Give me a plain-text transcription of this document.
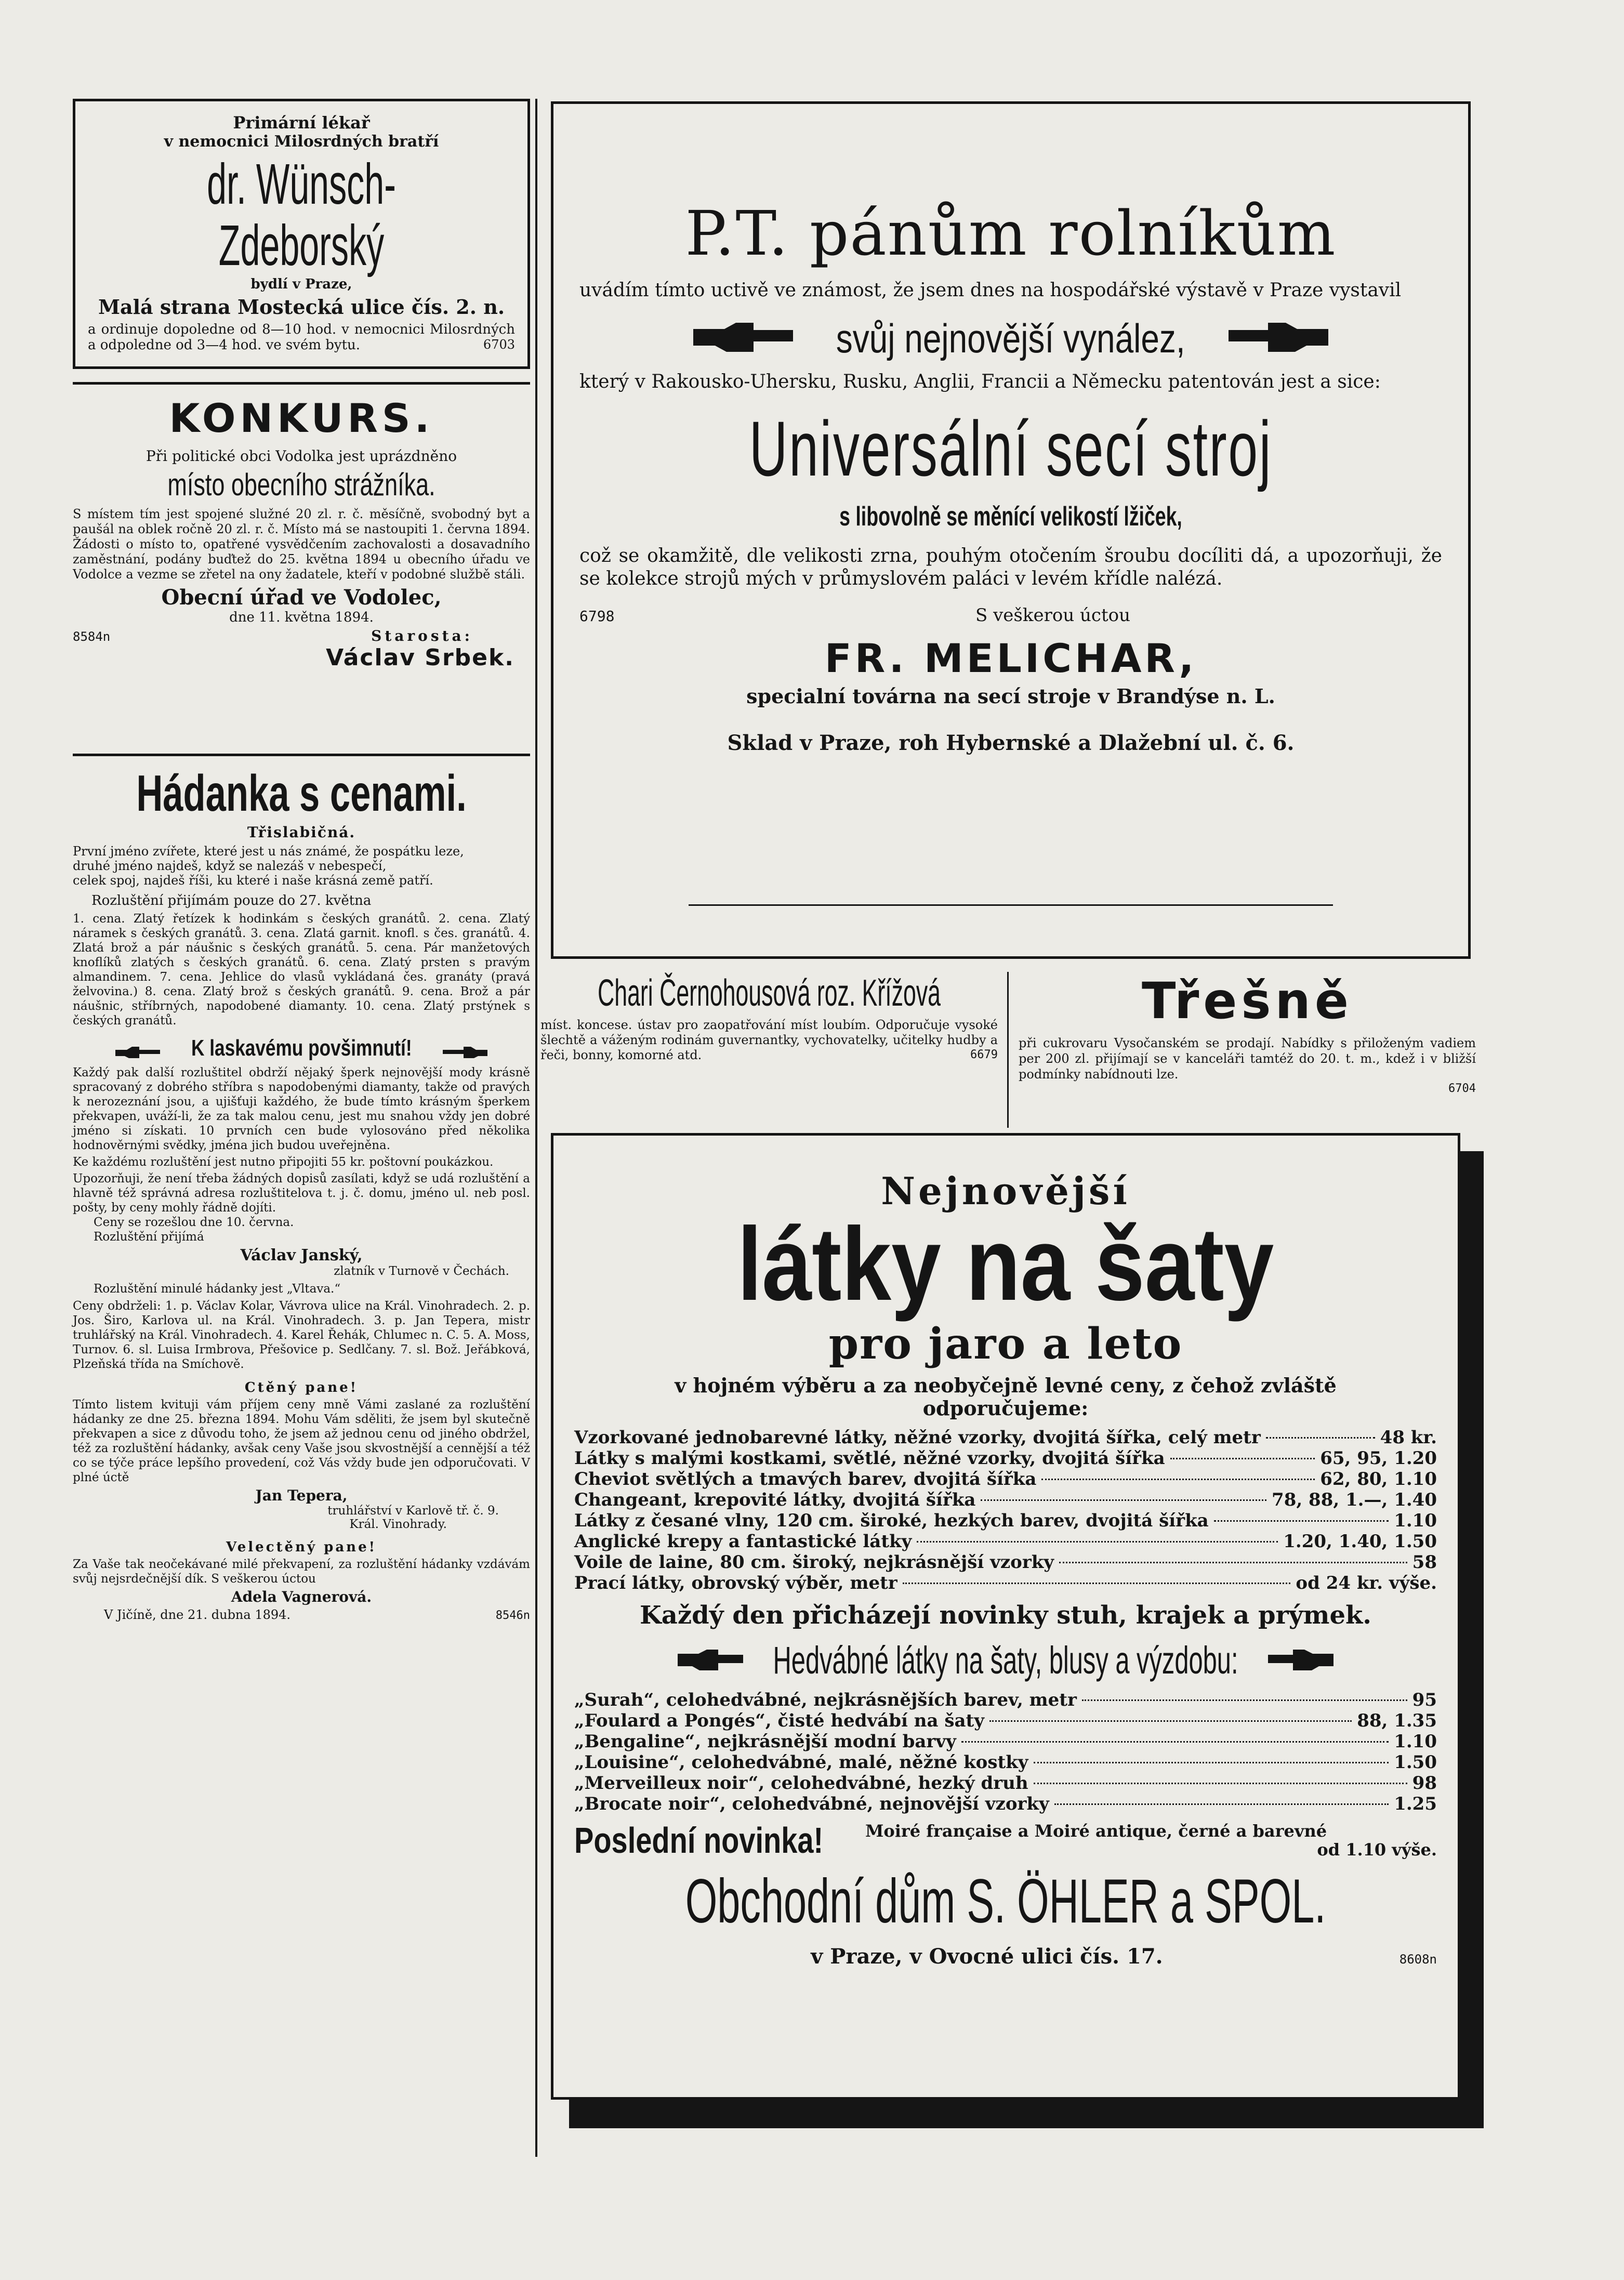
Primární lékař

v nemocnici Milosrdných bratří

dr. Wünsch-Zdeborský

bydlí v Praze,

Malá strana Mostecká ulice čís. 2. n.

a ordinuje dopoledne od 8—10 hod. v nemocnici Milosrdných a odpoledne od 3—4 hod. ve svém bytu.	6703

KONKURS.

Při politické obci Vodolka jest uprázdněno

místo obecního strážníka.

S místem tím jest spojené služné 20 zl. r. č. měsíčně, svobodný byt a paušál na oblek ročně 20 zl. r. č. Místo má se nastoupiti 1. června 1894. Žádosti o místo to, opatřené vysvědčením zachovalosti a dosavadního zaměstnání, podány buďtež do 25. května 1894 u obecního úřadu ve Vodolce a vezme se zřetel na ony žadatele, kteří v podobné službě stáli.

Obecní úřad ve Vodolec,

dne 11. května 1894.

8584n	Starosta:

Václav Srbek.

Hádanka s cenami.

Třislabičná.

První jméno zvířete, které jest u nás známé, že pospátku leze,

druhé jméno najdeš, když se nalezáš v nebespečí,

celek spoj, najdeš říši, ku které i naše krásná země patří.

Rozluštění přijímám pouze do 27. května

1. cena. Zlatý řetízek k hodinkám s českých granátů. 2. cena. Zlatý náramek s českých granátů. 3. cena. Zlatá garnit. knofl. s čes. granátů. 4. Zlatá brož a pár náušnic s českých granátů. 5. cena. Pár manžetových knoflíků zlatých s českých granátů. 6. cena. Zlatý prsten s pravým almandinem. 7. cena. Jehlice do vlasů vykládaná čes. granáty (pravá želvovina.) 8. cena. Zlatý brož s českých granátů. 9. cena. Brož a pár náušnic, stříbrných, napodobené diamanty. 10. cena. Zlatý prstýnek s českých granátů.

K laskavému povšimnutí!

Každý pak další rozluštitel obdrží nějaký šperk nejnovější mody krásně spracovaný z dobrého stříbra s napodobenými diamanty, takže od pravých k nerozeznání jsou, a ujišťuji každého, že bude tímto krásným šperkem překvapen, uváží-li, že za tak malou cenu, jest mu snahou vždy jen dobré jméno si získati. 10 prvních cen bude vylosováno před několika hodnověrnými svědky, jména jich budou uveřejněna.

Ke každému rozluštění jest nutno připojiti 55 kr. poštovní poukázkou.

Upozorňuji, že není třeba žádných dopisů zasílati, když se udá rozluštění a hlavně též správná adresa rozluštitelova t. j. č. domu, jméno ul. neb posl. pošty, by ceny mohly řádně dojíti.

Ceny se rozešlou dne 10. června.

Rozluštění přijímá

Václav Janský,

zlatník v Turnově v Čechách.

Rozluštění minulé hádanky jest „Vltava.“

Ceny obdrželi: 1. p. Václav Kolar, Vávrova ulice na Král. Vinohradech. 2. p. Jos. Širo, Karlova ul. na Král. Vinohradech. 3. p. Jan Tepera, mistr truhlářský na Král. Vinohradech. 4. Karel Řehák, Chlumec n. C. 5. A. Moss, Turnov. 6. sl. Luisa Irmbrova, Přešovice p. Sedlčany. 7. sl. Bož. Jeřábková, Plzeňská třída na Smíchově.

Ctěný pane!

Tímto listem kvituji vám příjem ceny mně Vámi zaslané za rozluštění hádanky ze dne 25. března 1894. Mohu Vám sděliti, že jsem byl skutečně překvapen a sice z důvodu toho, že jsem až jednou cenu od jiného obdržel, též za rozluštění hádanky, avšak ceny Vaše jsou skvostnější a cennější a též co se týče práce lepšího provedení, což Vás vždy bude jen odporučovati. V plné úctě

Jan Tepera,

truhlářství v Karlově tř. č. 9.

Král. Vinohrady.

Velectěný pane!

Za Vaše tak neočekávané milé překvapení, za rozluštění hádanky vzdávám svůj nejsrdečnější dík. S veškerou úctou

Adela Vagnerová.

V Jičíně, dne 21. dubna 1894.	8546n

P.T. pánům rolníkům

uvádím tímto uctivě ve známost, že jsem dnes na hospodářské výstavě v Praze vystavil

svůj nejnovější vynález,

který v Rakousko-Uhersku, Rusku, Anglii, Francii a Německu patentován jest a sice:

Universální secí stroj
s libovolně se měnící velikostí lžiček,

což se okamžitě, dle velikosti zrna, pouhým otočením šroubu docíliti dá, a upozorňuji, že se kolekce strojů mých v průmyslovém paláci v levém křídle nalézá.

6798	S veškerou úctou

FR. MELICHAR,

specialní továrna na secí stroje v Brandýse n. L.

Sklad v Praze, roh Hybernské a Dlažební ul. č. 6.

Chari Černohousová roz. Křížová

míst. koncese. ústav pro zaopatřování míst loubím. Odporučuje vysoké šlechtě a váženým rodinám guvernantky, vychovatelky, učitelky hudby a řeči, bonny, komorné atd.	6679

Třešně

při cukrovaru Vysočanském se prodají. Nabídky s přiloženým vadiem per 200 zl. přijímají se v kanceláři tamtéž do 20. t. m., kdež i v bližší podmínky nabídnouti lze.

6704

Nejnovější

látky na šaty

pro jaro a leto

v hojném výběru a za neobyčejně levné ceny, z čehož zvláště odporučujeme:

Vzorkované jednobarevné látky, něžné vzorky, dvojitá šířka, celý metr	48 kr.
Látky s malými kostkami, světlé, něžné vzorky, dvojitá šířka	65, 95, 1.20
Cheviot světlých a tmavých barev, dvojitá šířka	62, 80, 1.10
Changeant, krepovité látky, dvojitá šířka	78, 88, 1.—, 1.40
Látky z česané vlny, 120 cm. široké, hezkých barev, dvojitá šířka	1.10
Anglické krepy a fantastické látky	1.20, 1.40, 1.50
Voile de laine, 80 cm. široký, nejkrásnější vzorky	58
Prací látky, obrovský výběr, metr	od 24 kr. výše.

Každý den přicházejí novinky stuh, krajek a prýmek.

Hedvábné látky na šaty, blusy a výzdobu:
„Surah“, celohedvábné, nejkrásnějších barev, metr	95
„Foulard a Pongés“, čisté hedvábí na šaty	88, 1.35
„Bengaline“, nejkrásnější modní barvy	1.10
„Louisine“, celohedvábné, malé, něžné kostky	1.50
„Merveilleux noir“, celohedvábné, hezký druh	98
„Brocate noir“, celohedvábné, nejnovější vzorky	1.25
Poslední novinka!	Moiré française a Moiré antique, černé a barevné
od 1.10 výše.
Obchodní dům S. ÖHLER a SPOL.
v Praze, v Ovocné ulici čís. 17.	8608n
